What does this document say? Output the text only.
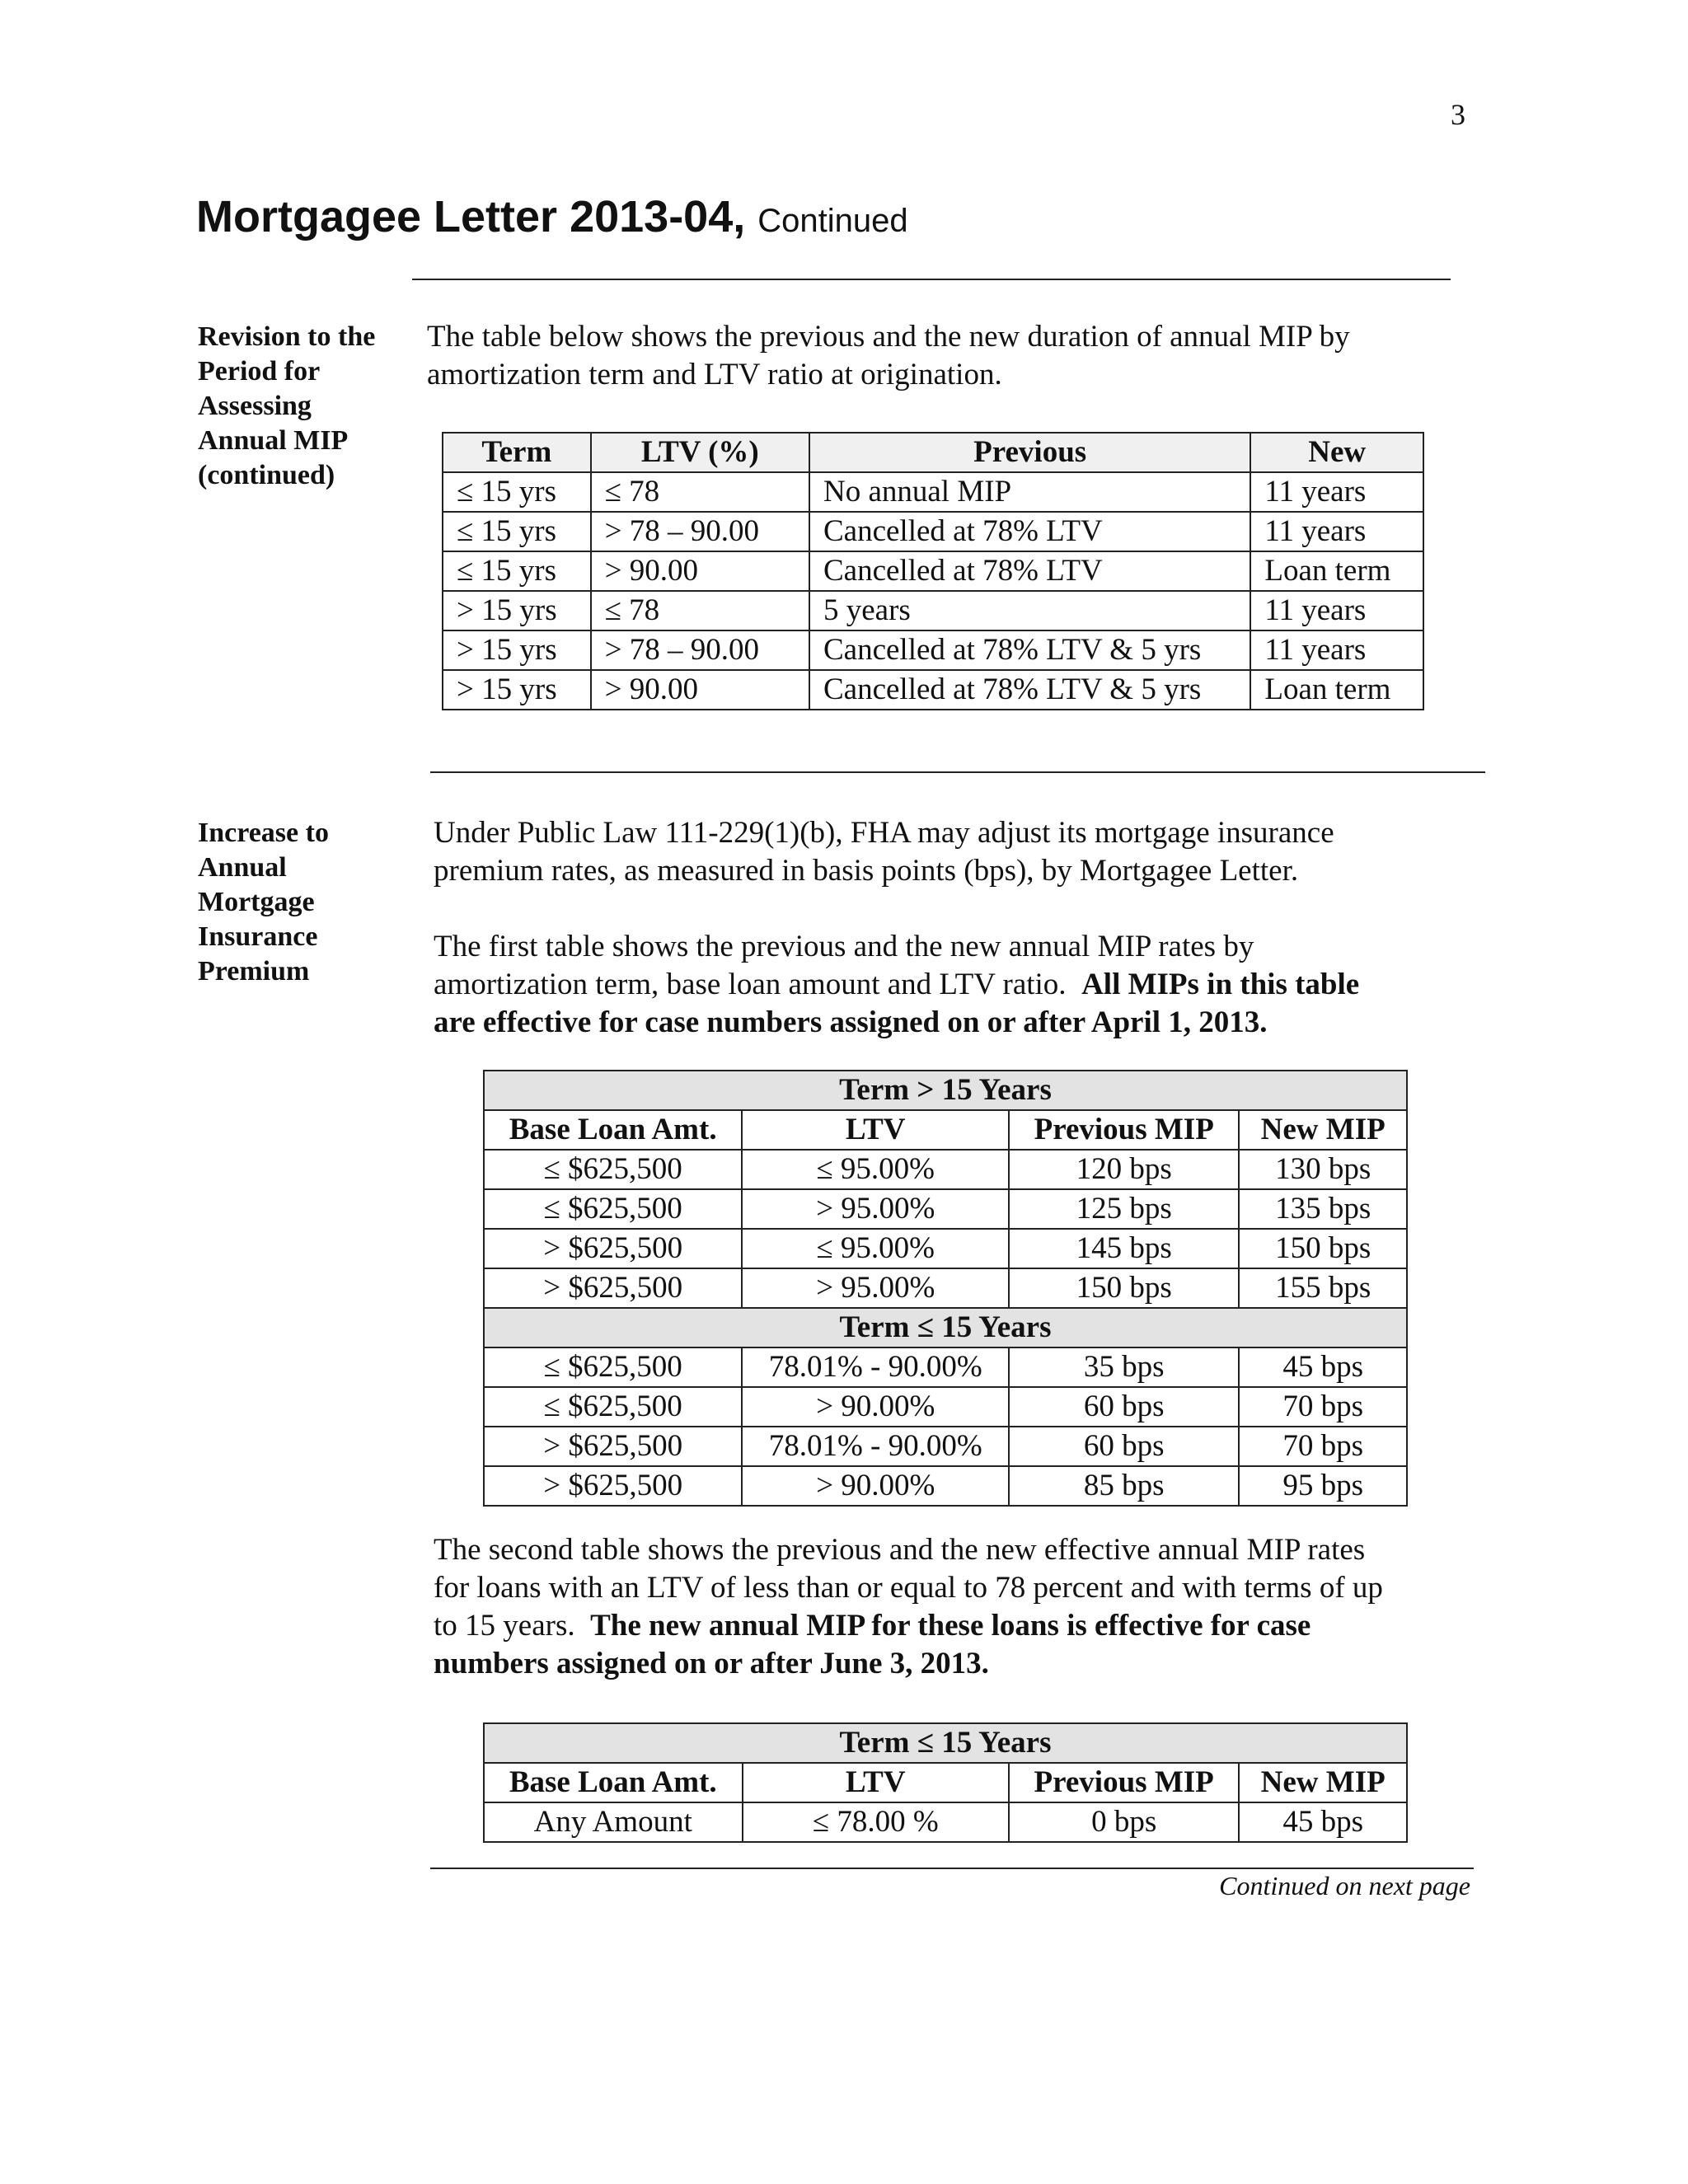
3
Mortgagee Letter 2013-04, Continued
Revision to the
Period for
Assessing
Annual MIP
(continued)
The table below shows the previous and the new duration of annual MIP by
amortization term and LTV ratio at origination.
Term	LTV (%)	Previous	New
≤ 15 yrs	≤ 78	No annual MIP	11 years
≤ 15 yrs	> 78 – 90.00	Cancelled at 78% LTV	11 years
≤ 15 yrs	> 90.00	Cancelled at 78% LTV	Loan term
> 15 yrs	≤ 78	5 years	11 years
> 15 yrs	> 78 – 90.00	Cancelled at 78% LTV & 5 yrs	11 years
> 15 yrs	> 90.00	Cancelled at 78% LTV & 5 yrs	Loan term
Increase to
Annual
Mortgage
Insurance
Premium
Under Public Law 111-229(1)(b), FHA may adjust its mortgage insurance
premium rates, as measured in basis points (bps), by Mortgagee Letter.
The first table shows the previous and the new annual MIP rates by
amortization term, base loan amount and LTV ratio. All MIPs in this table
are effective for case numbers assigned on or after April 1, 2013.
Term > 15 Years			
Base Loan Amt.	LTV	Previous MIP	New MIP
≤ $625,500	≤ 95.00%	120 bps	130 bps
≤ $625,500	> 95.00%	125 bps	135 bps
> $625,500	≤ 95.00%	145 bps	150 bps
> $625,500	> 95.00%	150 bps	155 bps
Term ≤ 15 Years			
≤ $625,500	78.01% - 90.00%	35 bps	45 bps
≤ $625,500	> 90.00%	60 bps	70 bps
> $625,500	78.01% - 90.00%	60 bps	70 bps
> $625,500	> 90.00%	85 bps	95 bps
The second table shows the previous and the new effective annual MIP rates
for loans with an LTV of less than or equal to 78 percent and with terms of up
to 15 years. The new annual MIP for these loans is effective for case
numbers assigned on or after June 3, 2013.
Term ≤ 15 Years			
Base Loan Amt.	LTV	Previous MIP	New MIP
Any Amount	≤ 78.00 %	0 bps	45 bps
Continued on next page
